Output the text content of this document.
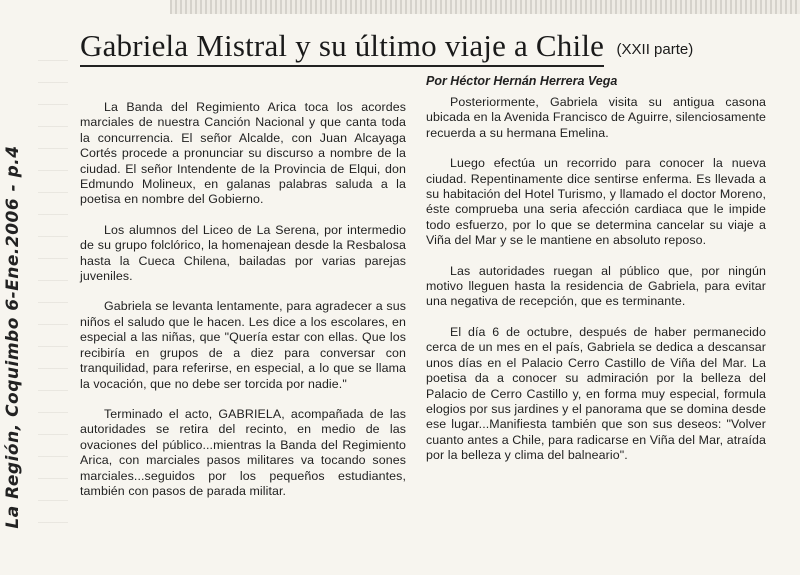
La Región, Coquimbo 6-Ene.2006 - p.4
Gabriela Mistral y su último viaje a Chile (XXII parte)
Por Héctor Hernán Herrera Vega

La Banda del Regimiento Arica toca los acordes marciales de nuestra Canción Nacional y que canta toda la concurrencia. El señor Alcalde, con Juan Alcayaga Cortés procede a pronunciar su discurso a nombre de la ciudad. El señor Intendente de la Provincia de Elqui, don Edmundo Molineux, en galanas palabras saluda a la poetisa en nombre del Gobierno.

Los alumnos del Liceo de La Serena, por intermedio de su grupo folclórico, la homenajean desde la Resbalosa hasta la Cueca Chilena, bailadas por varias parejas juveniles.

Gabriela se levanta lentamente, para agradecer a sus niños el saludo que le hacen. Les dice a los escolares, en especial a las niñas, que "Quería estar con ellas. Que los recibiría en grupos de a diez para conversar con tranquilidad, para referirse, en especial, a lo que se llama la vocación, que no debe ser torcida por nadie."

Terminado el acto, GABRIELA, acompañada de las autoridades se retira del recinto, en medio de las ovaciones del público...mientras la Banda del Regimiento Arica, con marciales pasos militares va tocando sones marciales...seguidos por los pequeños estudiantes, también con pasos de parada militar.

Posteriormente, Gabriela visita su antigua casona ubicada en la Avenida Francisco de Aguirre, silenciosamente recuerda a su hermana Emelina.

Luego efectúa un recorrido para conocer la nueva ciudad. Repentinamente dice sentirse enferma. Es llevada a su habitación del Hotel Turismo, y llamado el doctor Moreno, éste comprueba una seria afección cardiaca que le impide todo esfuerzo, por lo que se determina cancelar su viaje a Viña del Mar y se le mantiene en absoluto reposo.

Las autoridades ruegan al público que, por ningún motivo lleguen hasta la residencia de Gabriela, para evitar una negativa de recepción, que es terminante.

El día 6 de octubre, después de haber permanecido cerca de un mes en el país, Gabriela se dedica a descansar unos días en el Palacio Cerro Castillo de Viña del Mar. La poetisa da a conocer su admiración por la belleza del Palacio de Cerro Castillo y, en forma muy especial, formula elogios por sus jardines y el panorama que se domina desde ese lugar...Manifiesta también que son sus deseos: "Volver cuanto antes a Chile, para radicarse en Viña del Mar, atraída por la belleza y clima del balneario".
